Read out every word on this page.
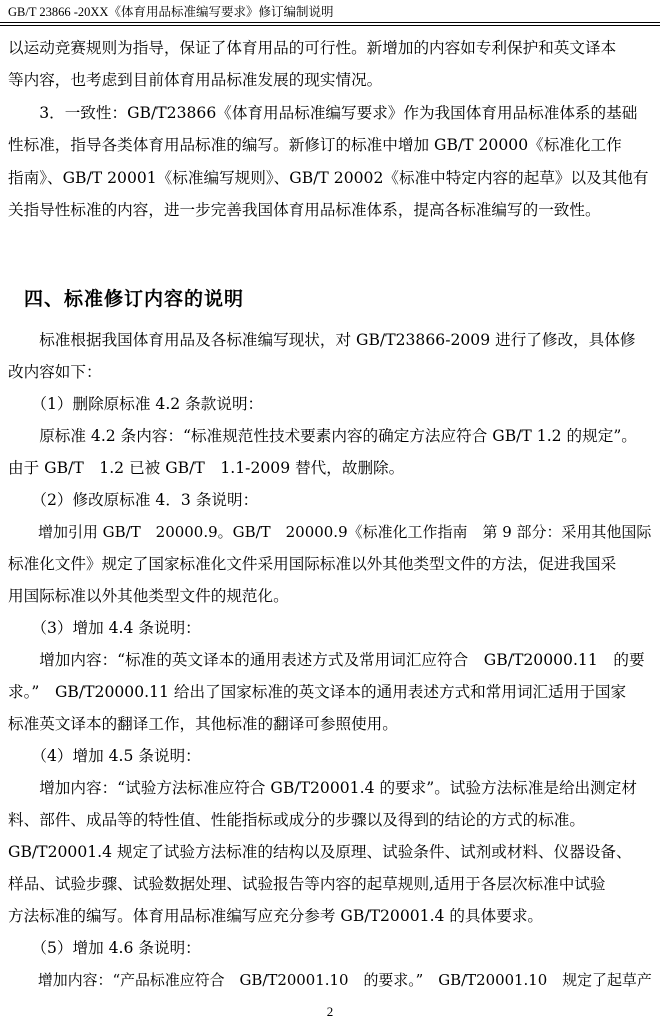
GB/T 23866 -20XX《体育用品标准编写要求》修订编制说明
以运动竞赛规则为指导，保证了体育用品的可行性。新增加的内容如专利保护和英文译本
等内容，也考虑到目前体育用品标准发展的现实情况。
　　3．一致性：GB/T23866《体育用品标准编写要求》作为我国体育用品标准体系的基础
性标准，指导各类体育用品标准的编写。新修订的标准中增加 GB/T 20000《标准化工作
指南》、GB/T 20001《标准编写规则》、GB/T 20002《标准中特定内容的起草》以及其他有
关指导性标准的内容，进一步完善我国体育用品标准体系，提高各标准编写的一致性。
四、标准修订内容的说明
　　标准根据我国体育用品及各标准编写现状，对 GB/T23866-2009 进行了修改，具体修
改内容如下：
　　（1）删除原标准 4.2 条款说明：
　　原标准 4.2 条内容：“标准规范性技术要素内容的确定方法应符合 GB/T 1.2 的规定”。
由于 GB/T　1.2 已被 GB/T　1.1-2009 替代，故删除。
　　（2）修改原标准 4．3 条说明：
　　增加引用 GB/T　20000.9。GB/T　20000.9《标准化工作指南　第 9 部分：采用其他国际
标准化文件》规定了国家标准化文件采用国际标准以外其他类型文件的方法，促进我国采
用国际标准以外其他类型文件的规范化。
　　（3）增加 4.4 条说明：
　　增加内容：“标准的英文译本的通用表述方式及常用词汇应符合　GB/T20000.11　的要
求。”　GB/T20000.11 给出了国家标准的英文译本的通用表述方式和常用词汇适用于国家
标准英文译本的翻译工作，其他标准的翻译可参照使用。
　　（4）增加 4.5 条说明：
　　增加内容：“试验方法标准应符合 GB/T20001.4 的要求”。试验方法标准是给出测定材
料、部件、成品等的特性值、性能指标或成分的步骤以及得到的结论的方式的标准。
GB/T20001.4 规定了试验方法标准的结构以及原理、试验条件、试剂或材料、仪器设备、
样品、试验步骤、试验数据处理、试验报告等内容的起草规则,适用于各层次标准中试验
方法标准的编写。体育用品标准编写应充分参考 GB/T20001.4 的具体要求。
　　（5）增加 4.6 条说明：
　　增加内容：“产品标准应符合　GB/T20001.10　的要求。”　GB/T20001.10　规定了起草产
2
